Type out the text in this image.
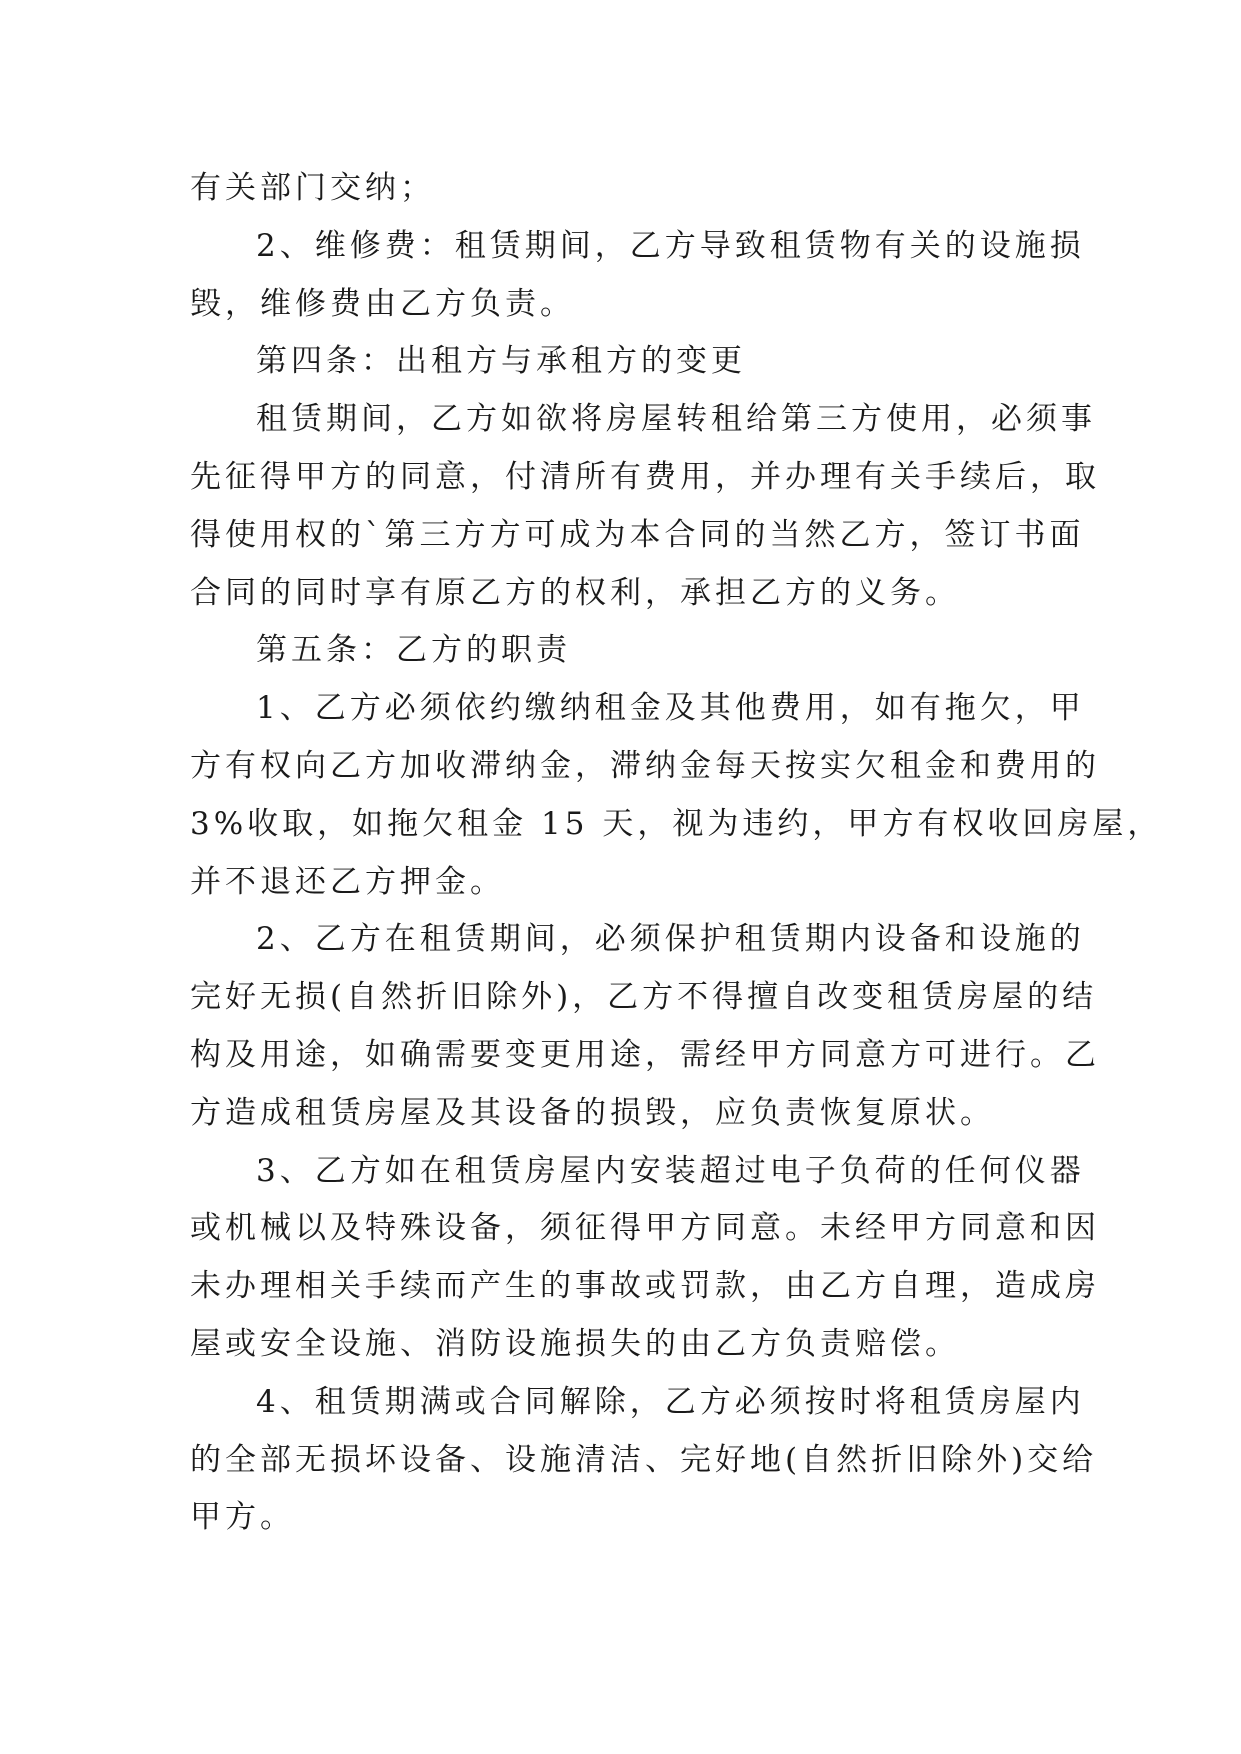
有关部门交纳；
2、维修费：租赁期间，乙方导致租赁物有关的设施损
毁，维修费由乙方负责。
第四条：出租方与承租方的变更
租赁期间，乙方如欲将房屋转租给第三方使用，必须事
先征得甲方的同意，付清所有费用，并办理有关手续后，取
得使用权的`第三方方可成为本合同的当然乙方，签订书面
合同的同时享有原乙方的权利，承担乙方的义务。
第五条：乙方的职责
1、乙方必须依约缴纳租金及其他费用，如有拖欠，甲
方有权向乙方加收滞纳金，滞纳金每天按实欠租金和费用的
3%收取，如拖欠租金 15 天，视为违约，甲方有权收回房屋，
并不退还乙方押金。
2、乙方在租赁期间，必须保护租赁期内设备和设施的
完好无损(自然折旧除外)，乙方不得擅自改变租赁房屋的结
构及用途，如确需要变更用途，需经甲方同意方可进行。乙
方造成租赁房屋及其设备的损毁，应负责恢复原状。
3、乙方如在租赁房屋内安装超过电子负荷的任何仪器
或机械以及特殊设备，须征得甲方同意。未经甲方同意和因
未办理相关手续而产生的事故或罚款，由乙方自理，造成房
屋或安全设施、消防设施损失的由乙方负责赔偿。
4、租赁期满或合同解除，乙方必须按时将租赁房屋内
的全部无损坏设备、设施清洁、完好地(自然折旧除外)交给
甲方。
